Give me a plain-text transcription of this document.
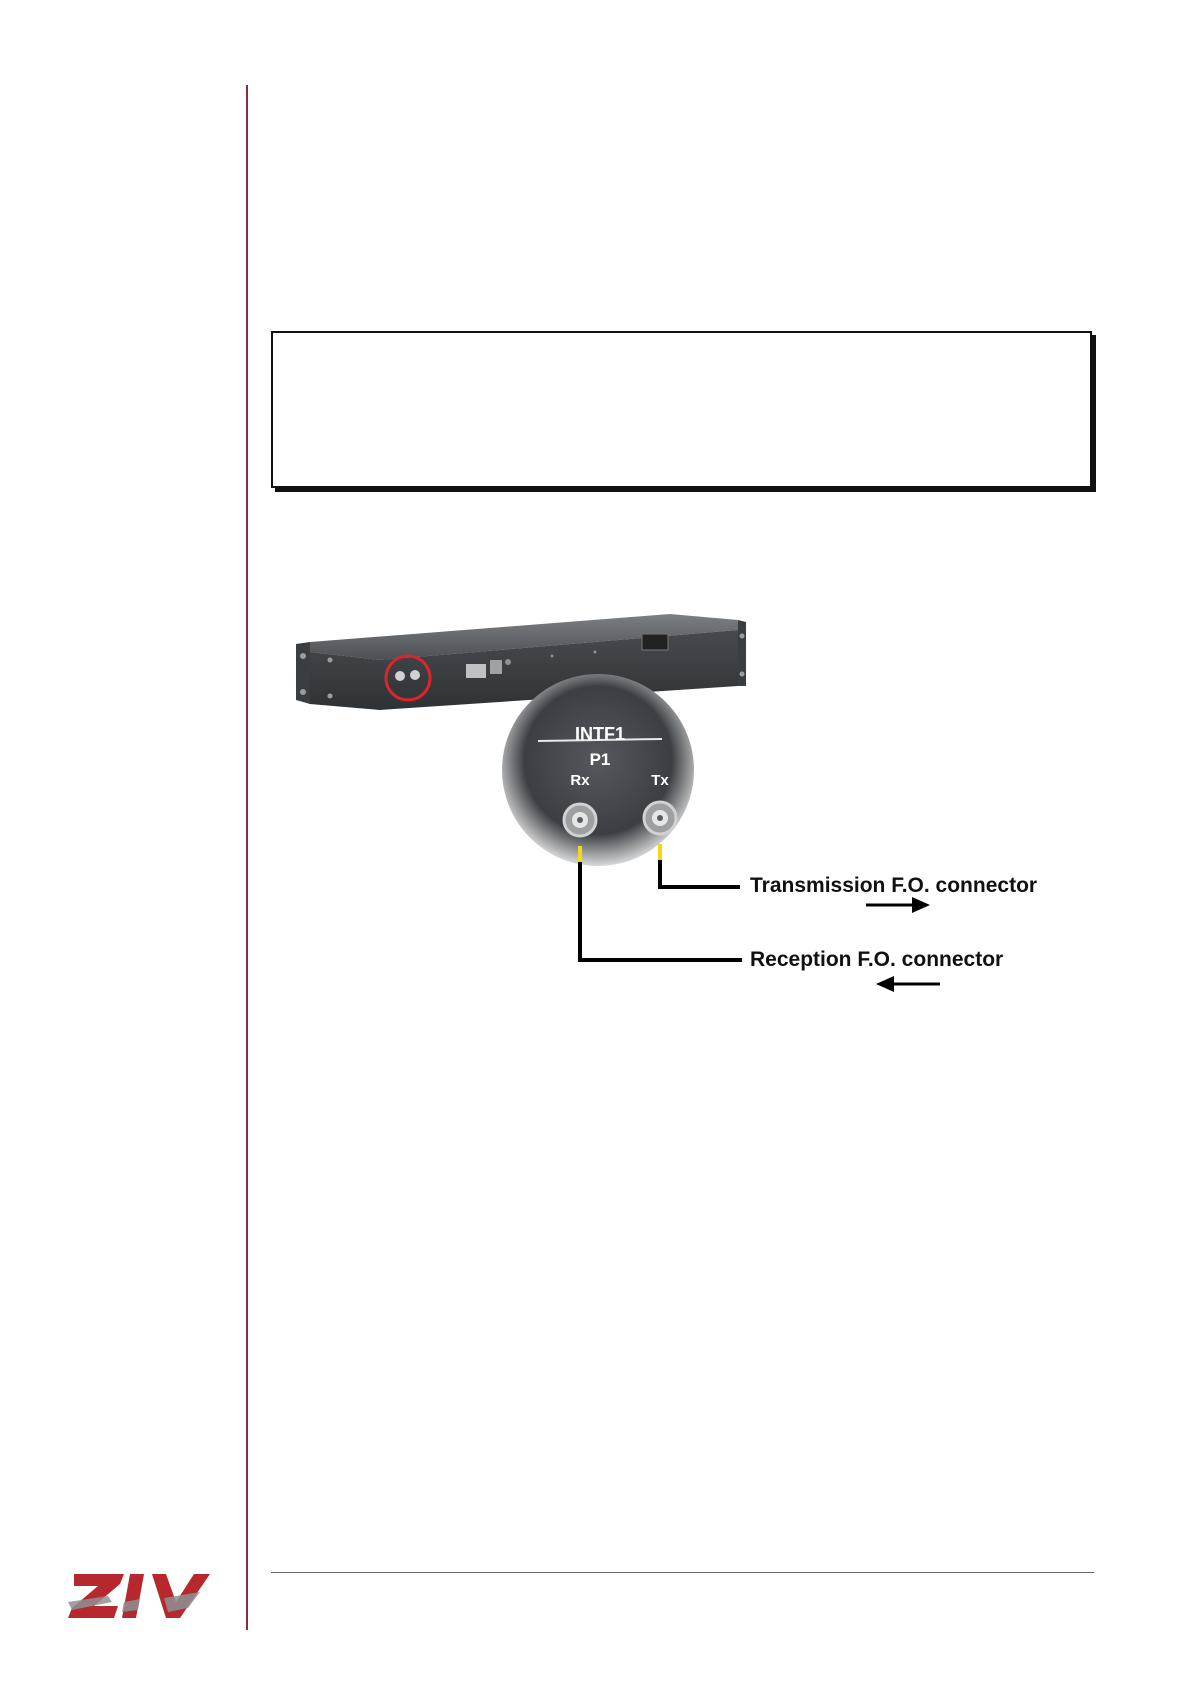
INTF1
P1
Rx	Tx
Transmission F.O. connector
Reception F.O. connector
